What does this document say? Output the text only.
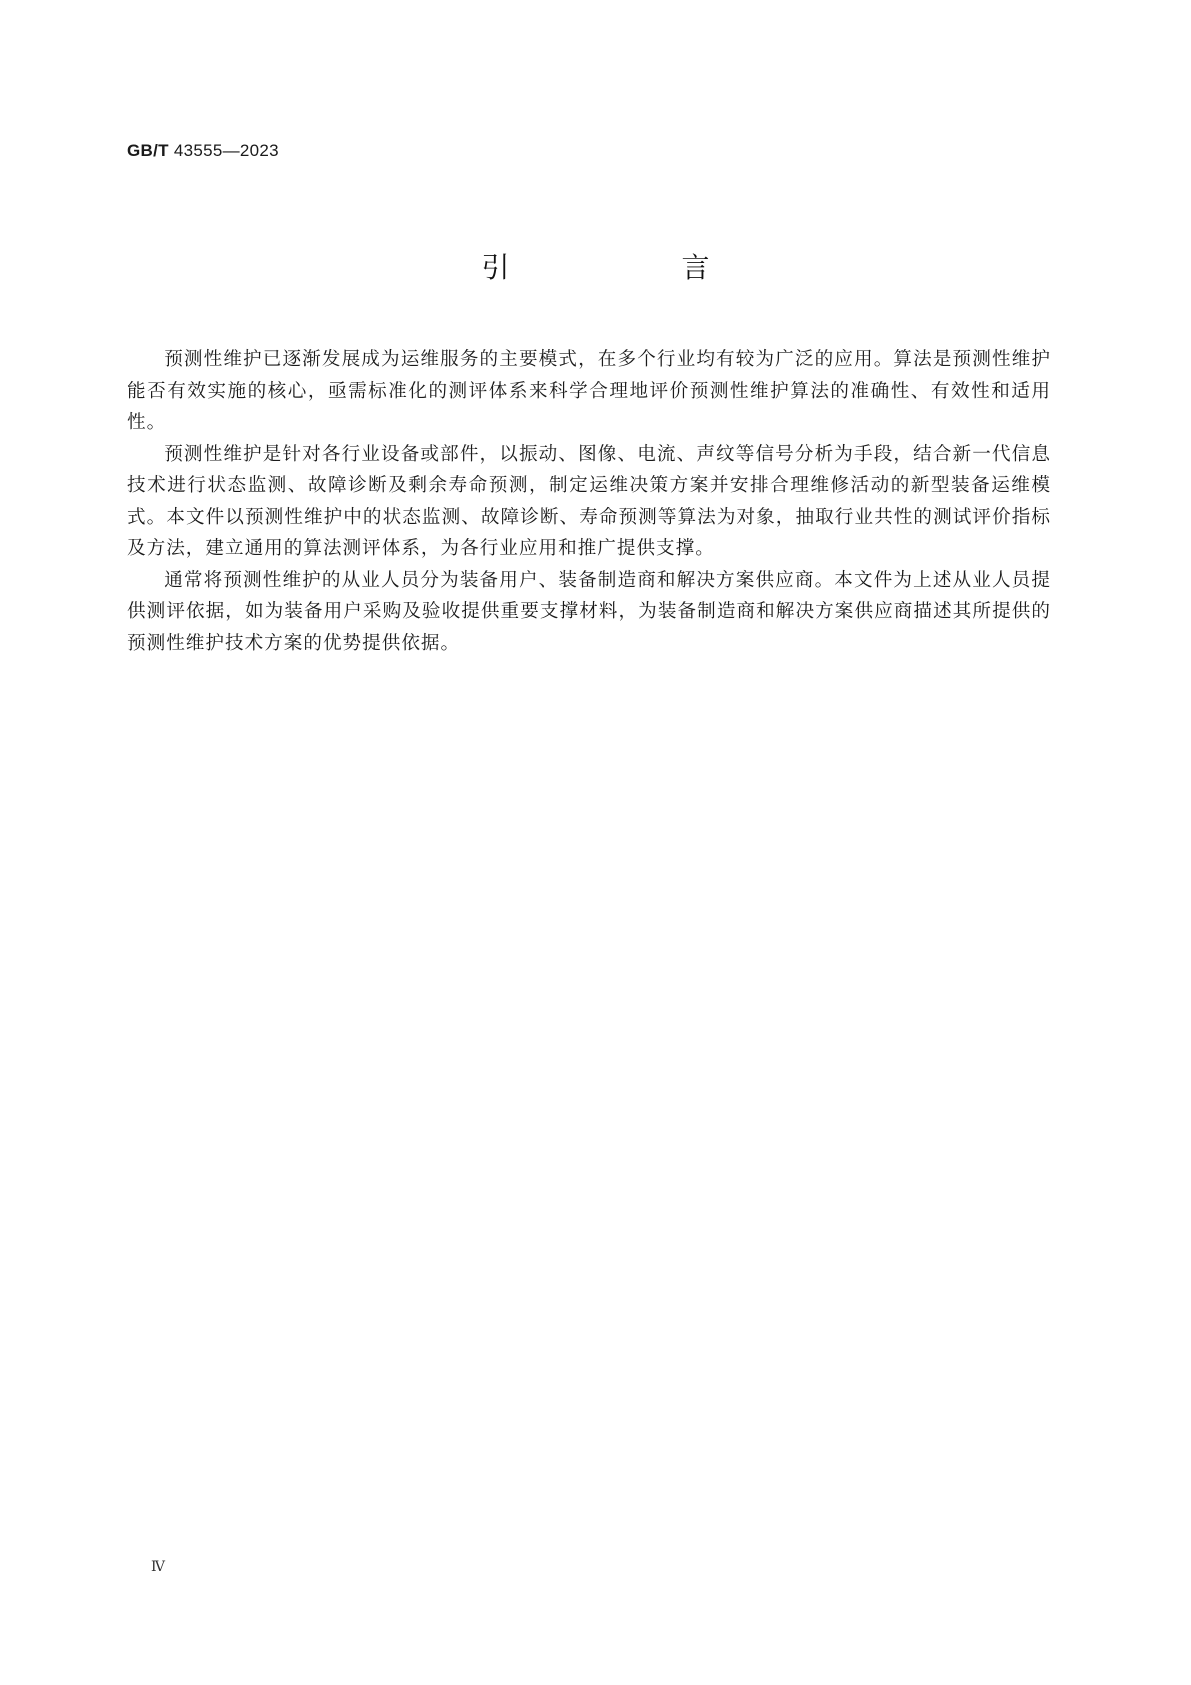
GB/T 43555—2023
引　言

预测性维护已逐渐发展成为运维服务的主要模式，在多个行业均有较为广泛的应用。算法是预测性维护能否有效实施的核心，亟需标准化的测评体系来科学合理地评价预测性维护算法的准确性、有效性和适用性。

预测性维护是针对各行业设备或部件，以振动、图像、电流、声纹等信号分析为手段，结合新一代信息技术进行状态监测、故障诊断及剩余寿命预测，制定运维决策方案并安排合理维修活动的新型装备运维模式。本文件以预测性维护中的状态监测、故障诊断、寿命预测等算法为对象，抽取行业共性的测试评价指标及方法，建立通用的算法测评体系，为各行业应用和推广提供支撑。

通常将预测性维护的从业人员分为装备用户、装备制造商和解决方案供应商。本文件为上述从业人员提供测评依据，如为装备用户采购及验收提供重要支撑材料，为装备制造商和解决方案供应商描述其所提供的预测性维护技术方案的优势提供依据。

Ⅳ
